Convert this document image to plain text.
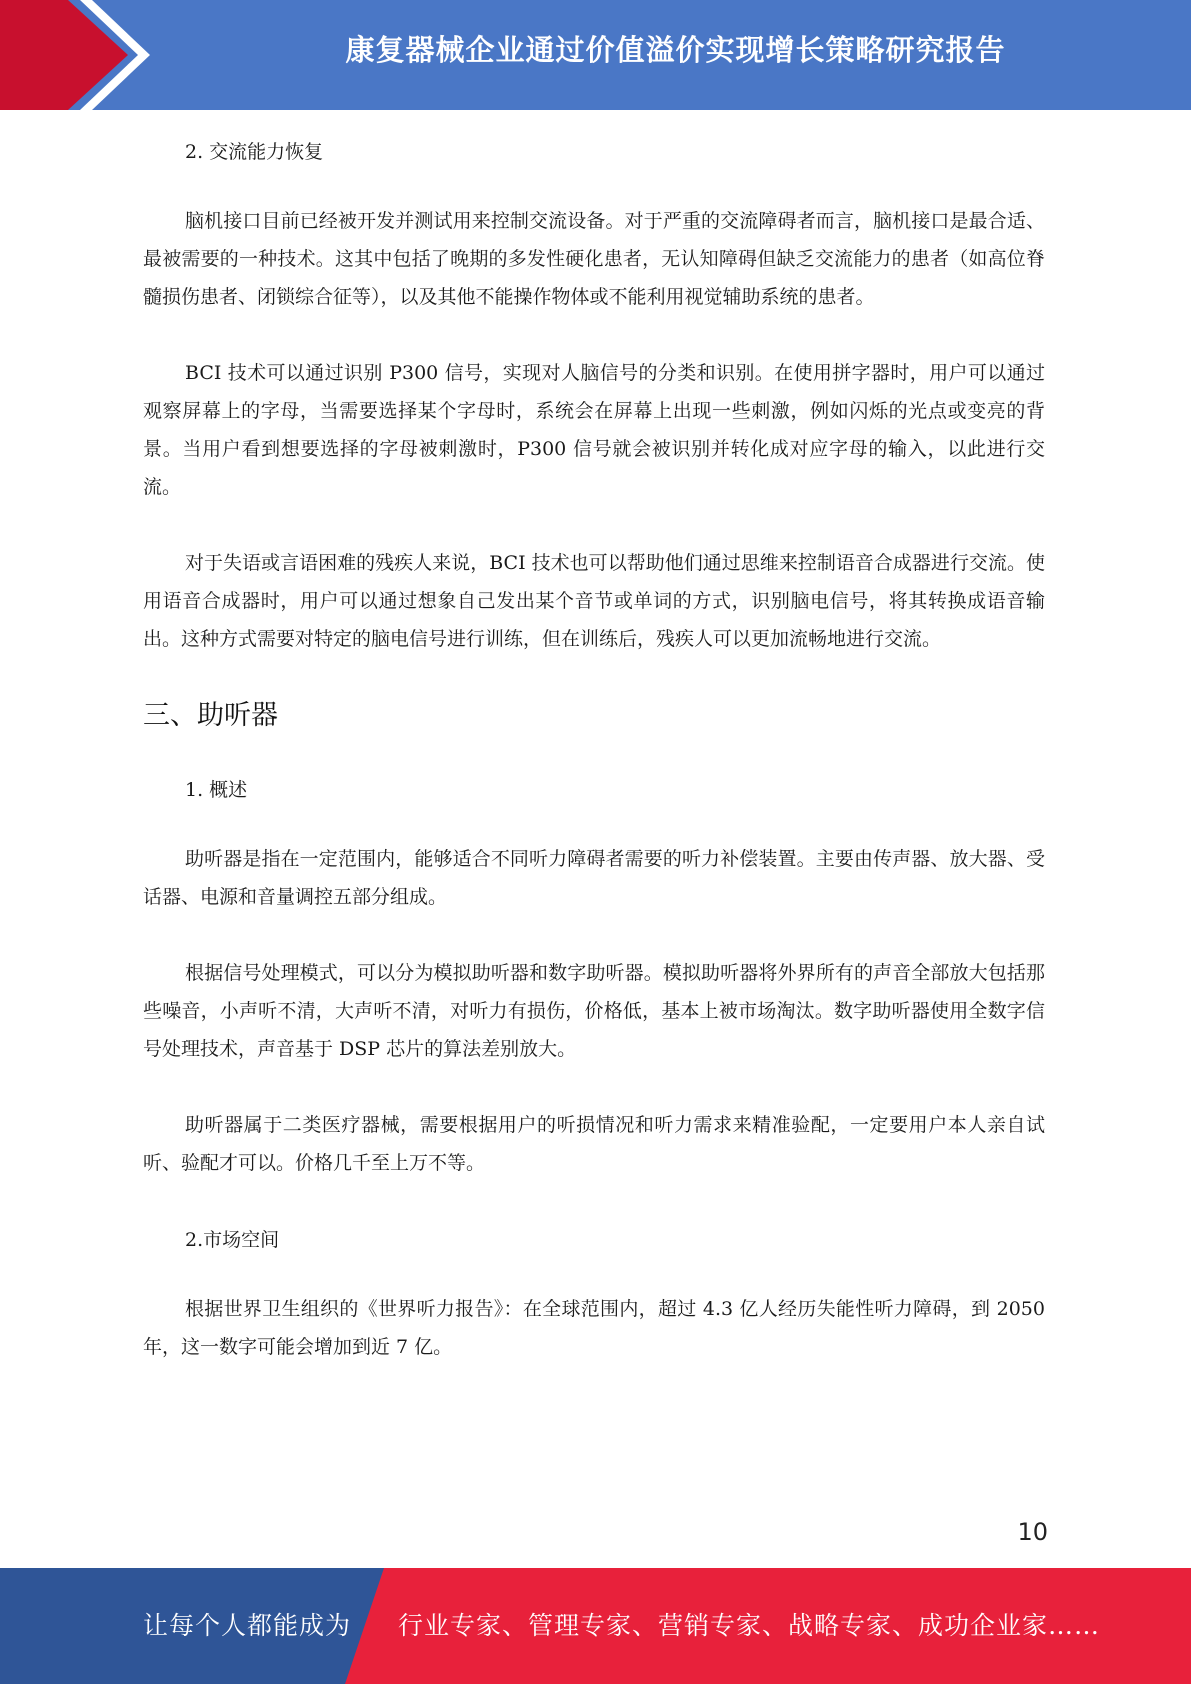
康复器械企业通过价值溢价实现增长策略研究报告
2. 交流能力恢复

脑机接口目前已经被开发并测试用来控制交流设备。对于严重的交流障碍者而言，脑机接口是最合适、最被需要的一种技术。这其中包括了晚期的多发性硬化患者，无认知障碍但缺乏交流能力的患者（如高位脊髓损伤患者、闭锁综合征等），以及其他不能操作物体或不能利用视觉辅助系统的患者。

BCI 技术可以通过识别 P300 信号，实现对人脑信号的分类和识别。在使用拼字器时，用户可以通过观察屏幕上的字母，当需要选择某个字母时，系统会在屏幕上出现一些刺激，例如闪烁的光点或变亮的背景。当用户看到想要选择的字母被刺激时，P300 信号就会被识别并转化成对应字母的输入，以此进行交流。

对于失语或言语困难的残疾人来说，BCI 技术也可以帮助他们通过思维来控制语音合成器进行交流。使用语音合成器时，用户可以通过想象自己发出某个音节或单词的方式，识别脑电信号，将其转换成语音输出。这种方式需要对特定的脑电信号进行训练，但在训练后，残疾人可以更加流畅地进行交流。

三、助听器
1. 概述

助听器是指在一定范围内，能够适合不同听力障碍者需要的听力补偿装置。主要由传声器、放大器、受话器、电源和音量调控五部分组成。

根据信号处理模式，可以分为模拟助听器和数字助听器。模拟助听器将外界所有的声音全部放大包括那些噪音，小声听不清，大声听不清，对听力有损伤，价格低，基本上被市场淘汰。数字助听器使用全数字信号处理技术，声音基于 DSP 芯片的算法差别放大。

助听器属于二类医疗器械，需要根据用户的听损情况和听力需求来精准验配，一定要用户本人亲自试听、验配才可以。价格几千至上万不等。

2.市场空间

根据世界卫生组织的《世界听力报告》：在全球范围内，超过 4.3 亿人经历失能性听力障碍，到 2050 年，这一数字可能会增加到近 7 亿。

10
让每个人都能成为 行业专家、管理专家、营销专家、战略专家、成功企业家……
